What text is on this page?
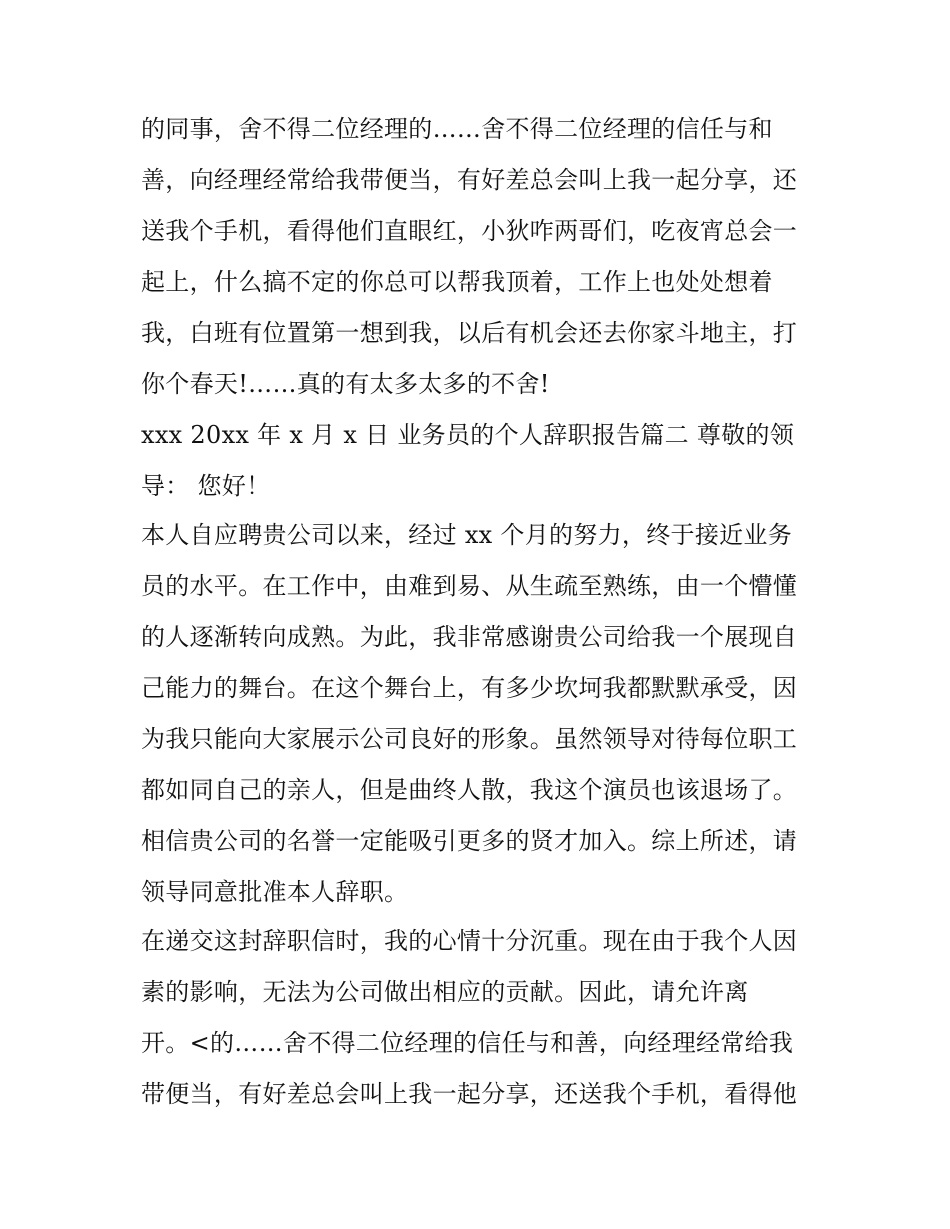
的同事，舍不得二位经理的……舍不得二位经理的信任与和
善，向经理经常给我带便当，有好差总会叫上我一起分享，还
送我个手机，看得他们直眼红，小狄咋两哥们，吃夜宵总会一
起上，什么搞不定的你总可以帮我顶着，工作上也处处想着
我，白班有位置第一想到我，以后有机会还去你家斗地主，打
你个春天!……真的有太多太多的不舍!
xxx 20xx 年 x 月 x 日 业务员的个人辞职报告篇二 尊敬的领
导： 您好！
本人自应聘贵公司以来，经过 xx 个月的努力，终于接近业务
员的水平。在工作中，由难到易、从生疏至熟练，由一个懵懂
的人逐渐转向成熟。为此，我非常感谢贵公司给我一个展现自
己能力的舞台。在这个舞台上，有多少坎坷我都默默承受，因
为我只能向大家展示公司良好的形象。虽然领导对待每位职工
都如同自己的亲人，但是曲终人散，我这个演员也该退场了。
相信贵公司的名誉一定能吸引更多的贤才加入。综上所述，请
领导同意批准本人辞职。
在递交这封辞职信时，我的心情十分沉重。现在由于我个人因
素的影响，无法为公司做出相应的贡献。因此，请允许离
开。<的……舍不得二位经理的信任与和善，向经理经常给我
带便当，有好差总会叫上我一起分享，还送我个手机，看得他
